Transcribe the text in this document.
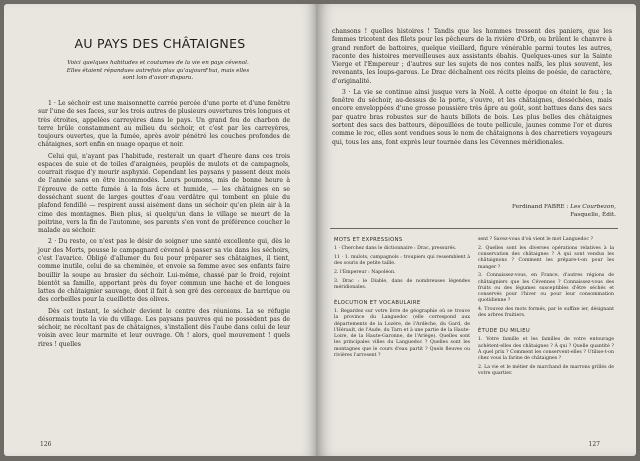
AU PAYS DES CHÂTAIGNES
Voici quelques habitudes et coutumes de la vie en pays cévenol. Elles étaient répandues autrefois plus qu'aujourd'hui, mais elles sont loin d'avoir disparu.

1 · Le séchoir est une maisonnette carrée percée d'une porte et d'une fenêtre sur l'une de ses faces, sur les trois autres de plusieurs ouvertures très longues et très étroites, appelées carreyères dans le pays. Un grand feu de charbon de terre brûle constamment au milieu du séchoir, et c'est par les carreyères, toujours ouvertes, que la fumée, après avoir pénétré les couches profondes de châtaignes, sort enfin en nuage opaque et noir.

Celui qui, n'ayant pas l'habitude, resterait un quart d'heure dans ces trois espaces de suie et de toiles d'araignées, peuplés de mulots et de campagnols, courrait risque d'y mourir asphyxié. Cependant les paysans y passent deux mois de l'année sans en être incommodés. Leurs poumons, mis de bonne heure à l'épreuve de cette fumée à la fois âcre et humide, — les châtaignes en se desséchant suent de larges gouttes d'eau verdâtre qui tombent en pluie du plafond fendillé — respirent aussi aisément dans un séchoir qu'en plein air à la cime des montagnes. Bien plus, si quelqu'un dans le village se meurt de la poitrine, vers la fin de l'automne, ses parents s'en vont de préférence coucher le malade au séchoir.

2 · Du reste, ce n'est pas le désir de soigner une santé excellente qui, dès le jour des Morts, pousse le campagnard cévenol à passer sa vie dans les séchoirs, c'est l'avarice. Obligé d'allumer du feu pour préparer ses châtaignes, il tient, comme inutile, celui de sa cheminée, et envoie sa femme avec ses enfants faire bouillir la soupe au brasier du séchoir. Lui-même, chassé par le froid, rejoint bientôt sa famille, apportant près du foyer commun une hache et de longues lattes de châtaignier sauvage, dont il fait à son gré des cerceaux de barrique ou des corbeilles pour la cueillette des olives.

Dès cet instant, le séchoir devient le centre des réunions. La se réfugie désormais toute la vie du village. Les paysans pauvres qui ne possèdent pas de séchoir, ne récoltant pas de châtaignes, s'installent dès l'aube dans celui de leur voisin avec leur marmite et leur ouvrage. Oh ! alors, quel mouvement ! quels rires ! quelles

126

chansons ! quelles histoires ! Tandis que les hommes tressent des paniers, que les femmes tricotent des filets pour les pêcheurs de la rivière d'Orb, ou brûlent le chanvre à grand renfort de battoires, quelque vieillard, figure vénérable parmi toutes les autres, raconte des histoires merveilleuses aux assistants ébahis. Quelques-unes sur la Sainte Vierge et l'Empereur ; d'autres sur les sujets de nos contes naïfs, les plus souvent, les revenants, les loups-garous. Le Drac déchaînent ces récits pleins de poésie, de caractère, d'originalité.

3 · La vie se continue ainsi jusque vers la Noël. À cette époque on éteint le feu ; la fenêtre du séchoir, au-dessus de la porte, s'ouvre, et les châtaignes, desséchées, mais encore enveloppées d'une grosse poussière très âpre au goût, sont battues dans des sacs par quatre bras robustes sur de hauts billots de bois. Les plus belles des châtaignes sortent des sacs des batteurs, dépouillées de toute pellicule, jaunes comme l'or et dures comme le roc, elles sont vendues sous le nom de châtaignons à des charretiers voyageurs qui, tous les ans, font exprès leur tournée dans les Cévennes méridionales.

Ferdinand FABRE : Les Courbezon,
Fasquelle, Édit.
MOTS ET EXPRESSIONS

1 · Cherchez dans le dictionnaire : Drac, pressurés.

11 · 1. mulots, campagnols : troupiers qui ressemblent à des souris de petite taille.

2. l'Empereur : Napoléon.

3. Drac : le Diable, dans de nombreuses légendes méridionales.

ÉLOCUTION ET VOCABULAIRE

1. Regardez sur votre livre de géographie où se trouve la province du Languedoc (elle correspond aux départements de la Lozère, de l'Ardèche, du Gard, de l'Hérault, de l'Aude, du Tarn et à une partie de la Haute-Loire, de la Haute-Garonne, de l'Ariège). Quelles sont les principales villes du Languedoc ? Quelles sont les montagnes que le cours d'eau partit ? Quels fleuves ou rivières l'arrosent ?

sent ? Savez-vous d'où vient le mot Languedoc ?

2. Quelles sont les diverses opérations relatives à la conservation des châtaignes ? À qui sont vendus les châtaignons ? Comment les prépare-t-on pour les manger ?

3. Connaissez-vous, en France, d'autres régions de châtaigniers que les Cévennes ? Connaissez-vous des fruits ou des légumes susceptibles d'être séchés et conservés pour l'hiver ou pour leur consommation quotidienne ?

4. Trouvez des mots formés, par le suffixe ier, désignant des arbres fruitiers.

ÉTUDE DU MILIEU

1. Votre famille et les familles de votre entourage achètent-elles des châtaignes ? À qui ? Quelle quantité ? À quel prix ? Comment les conservent-elles ? Utilise-t-on chez vous la farine de châtaignes ?

2. La vie et le métier de marchand de marrons grillés de votre quartier.

127
